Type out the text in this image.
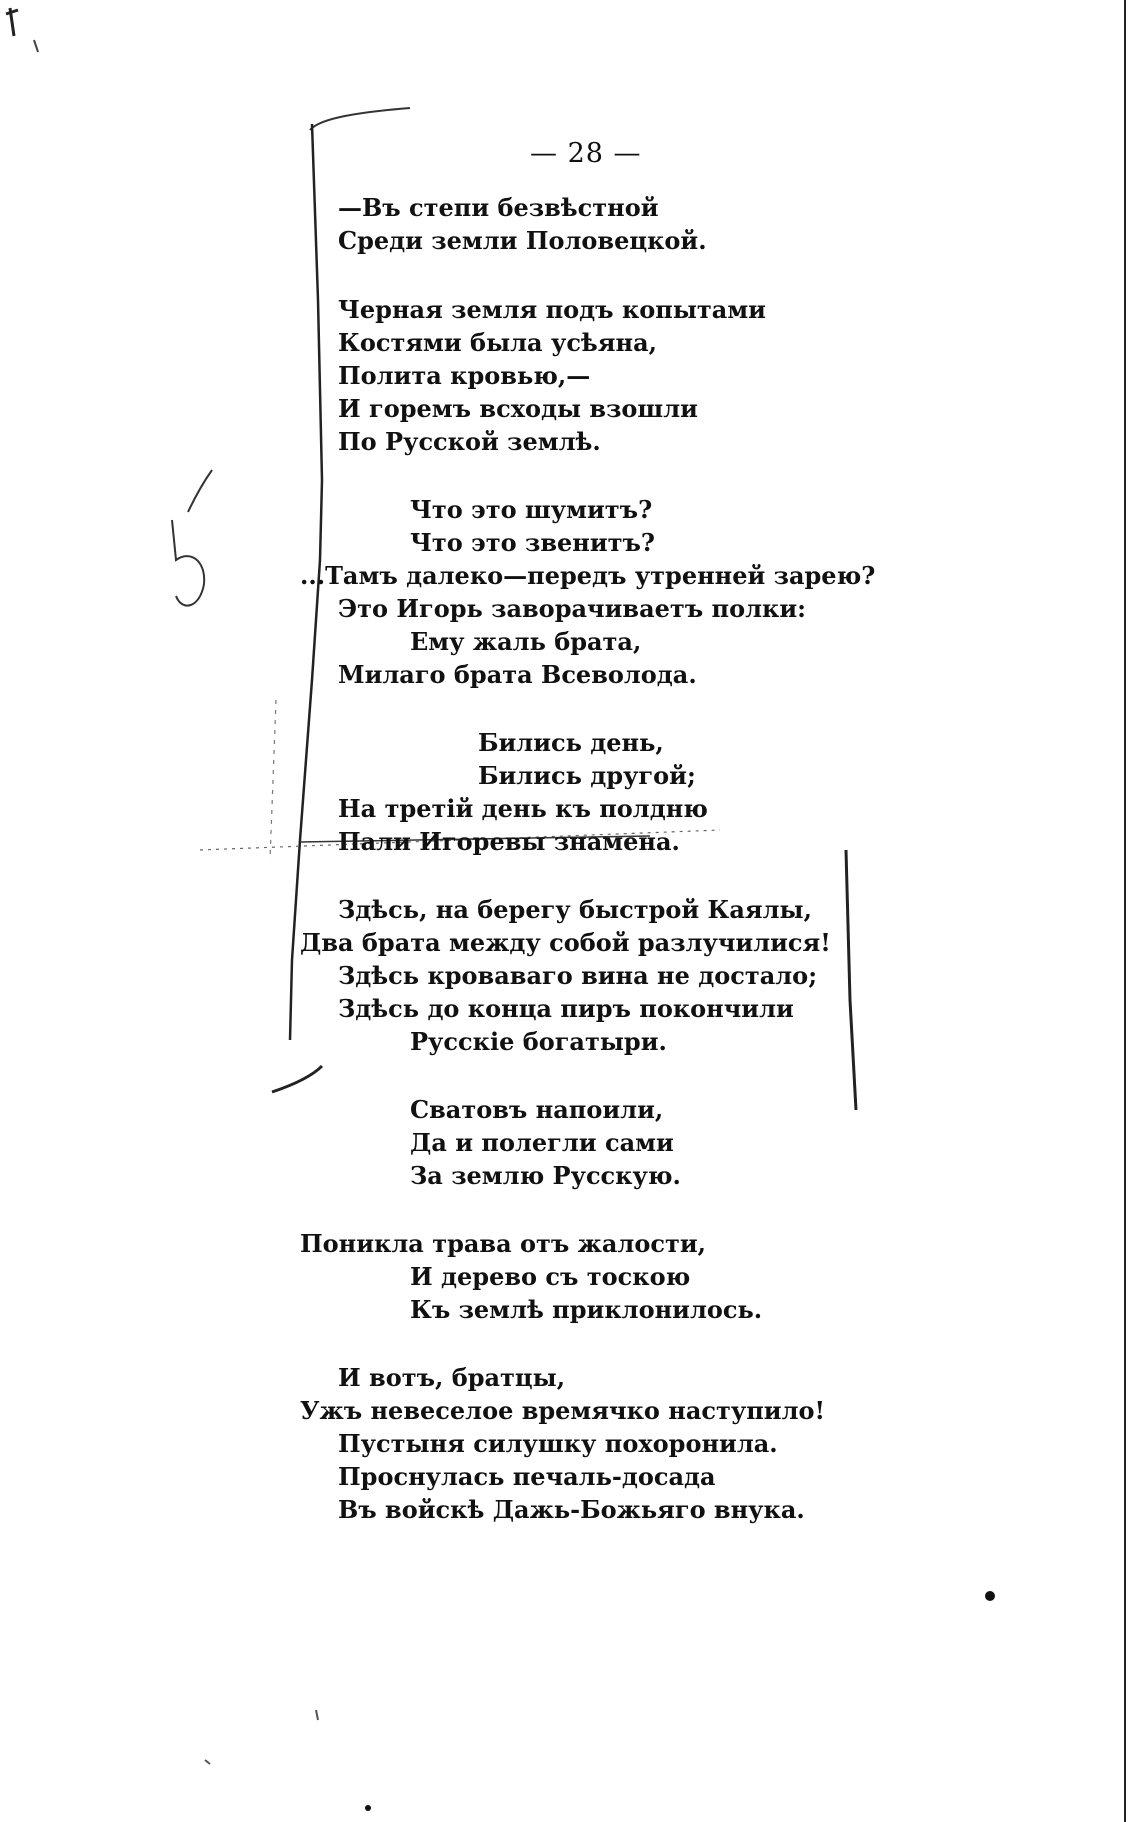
— 28 —
—Въ степи безвѣстной
Среди земли Половецкой.
Черная земля подъ копытами
Костями была усѣяна,
Полита кровью,—
И горемъ всходы взошли
По Русской землѣ.
Что это шумитъ?
Что это звенитъ?
...Тамъ далеко—передъ утренней зарею?
Это Игорь заворачиваетъ полки:
Ему жаль брата,
Милаго брата Всеволода.
Бились день,
Бились другой;
На третій день къ полдню
Пали Игоревы знамена.
Здѣсь, на берегу быстрой Каялы,
Два брата между собой разлучилися!
Здѣсь кроваваго вина не достало;
Здѣсь до конца пиръ покончили
Русскіе богатыри.
Сватовъ напоили,
Да и полегли сами
За землю Русскую.
Поникла трава отъ жалости,
И дерево съ тоскою
Къ землѣ приклонилось.
И вотъ, братцы,
Ужъ невеселое времячко наступило!
Пустыня силушку похоронила.
Проснулась печаль-досада
Въ войскѣ Дажь-Божьяго внука.
